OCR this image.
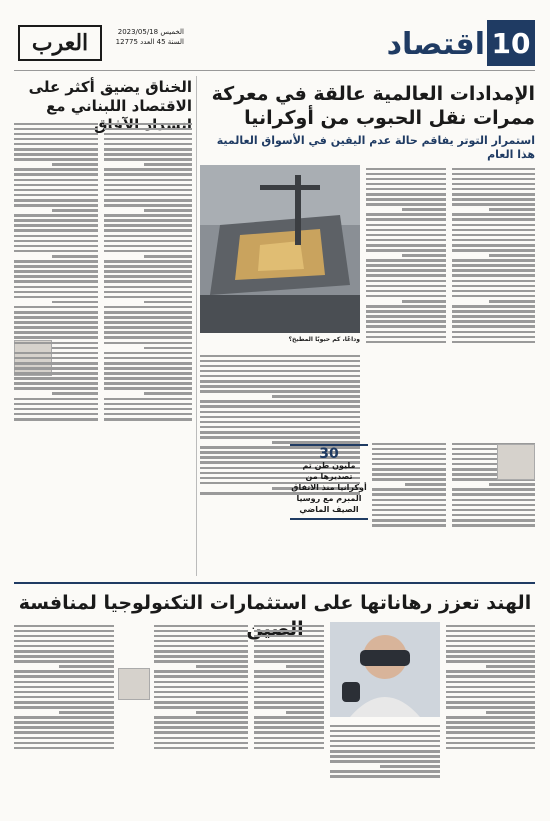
10
اقتصاد
العرب	الخميس 2023/05/18
السنة 45 العدد 12775
الإمدادات العالمية عالقة في معركة ممرات نقل الحبوب من أوكرانيا
استمرار التوتر يفاقم حالة عدم اليقين في الأسواق العالمية هذا العام
الخناق يضيق أكثر على الاقتصاد اللبناني مع
وداعًا، كم حبوبًا المطبخ؟
30
مليون طن تم تصديرها من أوكرانيا منذ الاتفاق المبرم مع روسيا الصيف الماضي
الهند تعزز رهاناتها على استثمارات التكنولوجيا لمنافسة
